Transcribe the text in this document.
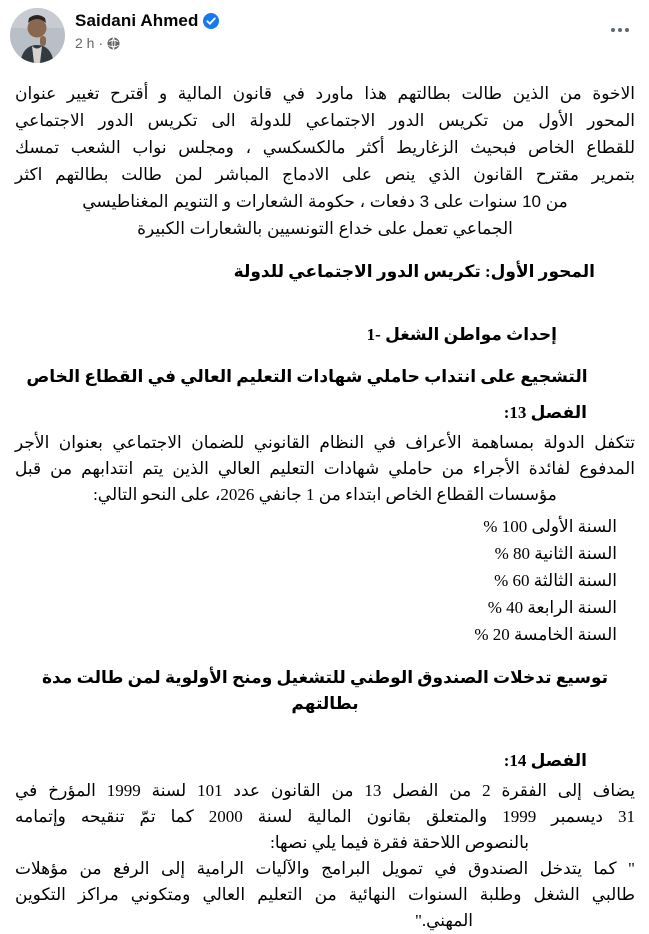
Saidani Ahmed
2 h ·
الاخوة من الذين طالت بطالتهم هذا ماورد في قانون المالية و أقترح تغيير عنوان
المحور الأول من تكريس الدور الاجتماعي للدولة الى تكريس الدور الاجتماعي
للقطاع الخاص فبحيث الزغاريط أكثر مالكسكسي ، ومجلس نواب الشعب تمسك
بتمرير مقترح القانون الذي ينص على الادماج المباشر لمن طالت بطالتهم اكثر
من 10 سنوات على 3 دفعات ، حكومة الشعارات و التنويم المغناطيسي
الجماعي تعمل على خداع التونسيين بالشعارات الكبيرة
المحور الأول: تكريس الدور الاجتماعي للدولة
1- إحداث مواطن الشغل
التشجيع على انتداب حاملي شهادات التعليم العالي في القطاع الخاص
الفصل 13:
تتكفل الدولة بمساهمة الأعراف في النظام القانوني للضمان الاجتماعي بعنوان الأجر
المدفوع لفائدة الأجراء من حاملي شهادات التعليم العالي الذين يتم انتدابهم من قبل
مؤسسات القطاع الخاص ابتداء من 1 جانفي 2026، على النحو التالي:
السنة الأولى 100 %
السنة الثانية 80 %
السنة الثالثة 60 %
السنة الرابعة 40 %
السنة الخامسة 20 %
توسيع تدخلات الصندوق الوطني للتشغيل ومنح الأولوية لمن طالت مدة بطالتهم
الفصل 14:
يضاف إلى الفقرة 2 من الفصل 13 من القانون عدد 101 لسنة 1999 المؤرخ في
31 ديسمبر 1999 والمتعلق بقانون المالية لسنة 2000 كما تمّ تنقيحه وإتمامه
بالنصوص اللاحقة فقرة فيما يلي نصها:
" كما يتدخل الصندوق في تمويل البرامج والآليات الرامية إلى الرفع من مؤهلات
طالبي الشغل وطلبة السنوات النهائية من التعليم العالي ومتكوني مراكز التكوين
المهني."
